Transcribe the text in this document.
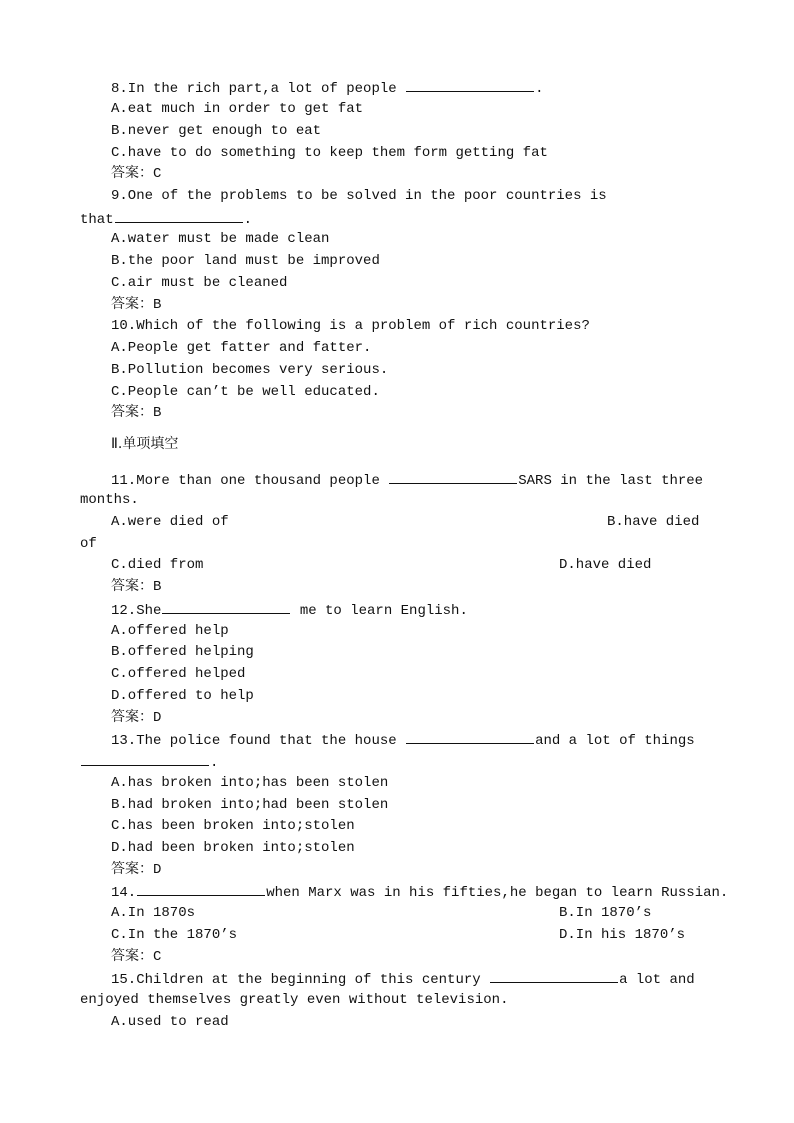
8.In the rich part,a lot of people	.
A.eat much in order to get fat
B.never get enough to eat
C.have to do something to keep them form getting fat
答案：C
9.One of the problems to be solved in the poor countries is
that	.
A.water must be made clean
B.the poor land must be improved
C.air must be cleaned
答案：B
10.Which of the following is a problem of rich countries?
A.People get fatter and fatter.
B.Pollution becomes very serious.
C.People can’t be well educated.
答案：B
Ⅱ.单项填空
11.More than one thousand people	SARS in the last three
months.
A.were died of	B.have died
of
C.died from	D.have died
答案：B
12.She	me to learn English.
A.offered help
B.offered helping
C.offered helped
D.offered to help
答案：D
13.The police found that the house	and a lot of things
.
A.has broken into;has been stolen
B.had broken into;had been stolen
C.has been broken into;stolen
D.had been broken into;stolen
答案：D
14.	when Marx was in his fifties,he began to learn Russian.
A.In 1870s	B.In 1870’s
C.In the 1870’s	D.In his 1870’s
答案：C
15.Children at the beginning of this century	a lot and
enjoyed themselves greatly even without television.
A.used to read
